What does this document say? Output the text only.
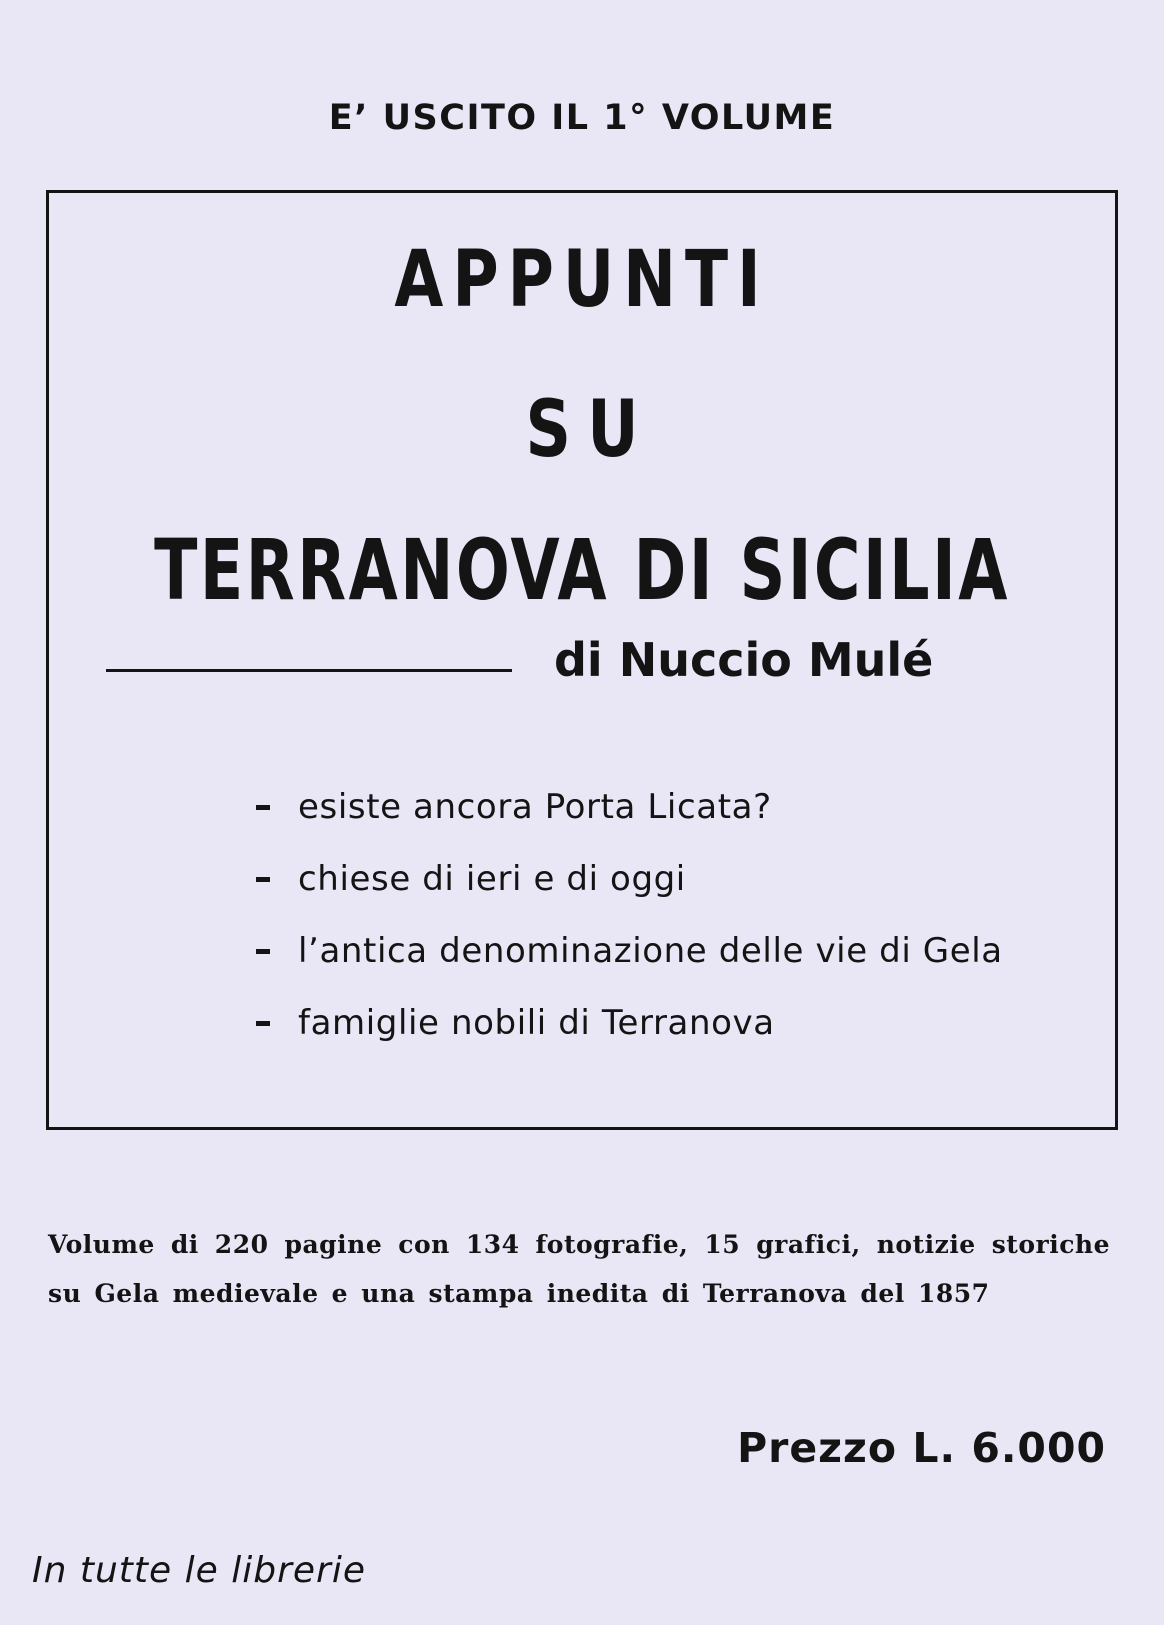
E’ USCITO IL 1° VOLUME
APPUNTI
SU
TERRANOVA DI SICILIA
di Nuccio Mulé
esiste ancora Porta Licata?
chiese di ieri e di oggi
l’antica denominazione delle vie di Gela
famiglie nobili di Terranova
Volume di 220 pagine con 134 fotografie, 15 grafici, notizie storiche su Gela medievale e una stampa inedita di Terranova del 1857
Prezzo L. 6.000
In tutte le librerie
